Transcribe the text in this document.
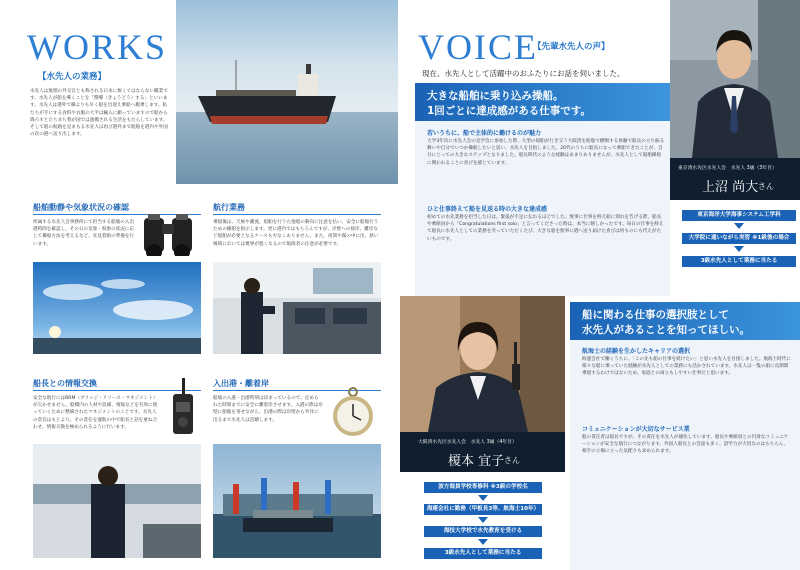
WORKS
【水先人の業務】
水先人は無理の外交官とも称される日本に無くてはならない職業です。水先人が船を導くことを「嚮導（きょうどう）する」といいます。水先人は港外で操よりも早く船を出迎え乗船へ搬乗します。私たちが手にする食料や衣服の大半は輸入に頼っていますので船から降ろすとたちまち我が国では運搬される生活をもたらしています。そして船の航路を見まもる水先人は再び港外まで船舶を港内や外国の次の港へ送り出します。
船舶動静や気象状況の確認
所属する水先人会事務所にて担当する船舶の入出港時間を確認し、その日の気象・海象の状況に応じて操船方法を考えるなど、先見着眼の準備を行います。
航行業務
乗船後は、天候や潮流、船舶を行うた他船の動向に注意を払い、安全に船舶行うための操船を指示します。更に港内ではもちろんですが、岸壁への接岸、離岸など船舶が必要となるケースも少なくありません。また、夜間や霧の中に出、狭い場域においては視界が悪くなるので航海者の注意が必要です。
船長との情報交換
安全な航行にはBRM（ブリッジ・リソース・マネジメント）が欠かせません。船橋内の人材や設備、情報などを有効に使っていくために整備されたマネジメントのことです。水先人の責任はもとより、その責任を運航の中で船長と話を重ね合わせ、情報交換を極められるように行います。
入出港・離着岸
船舶の入港・出港時刻は決まっているので、定められた時間までに安全に離着岸させます。入港の際は岸壁に船舶を寄せながら、出港の際は岸壁から外洋に出るまで水先人は活躍します。
VOICE
【先輩水先人の声】
現在、水先人として活躍中のおふたりにお話を伺いました。
大きな船舶に乗り込み操船。
1回ごとに達成感がある仕事です。
若いうちに、船で主体的に働けるのが魅力
大学3年次に水先人会の見学会に参加した際、大型の船舶が行き交う大阪湾を船舶で横断する体験で船長の立ち振る舞いや自分でいつか操船したいと思い、水先人を目指しました。20代のうちに船長になって乗船できたことが、自分にとっての大きなステップとなりました。船長時代のような経験はあまりありませんが、水先人として船舶操船に関われることに喜びを感じています。
ひと仕事終えて船を見送る時の大きな達成感
初めての水先業務を担当した日は、緊張が手足に伝わるほどでした。無事に仕事を終え船に別れを告げる際、船長や乗組員から「Congratulations first solo」と言ってくださった時は、本当に嬉しかったです。毎日の仕事を終えて船長に水先人としての業務を労っていただくたび、大きな船を無事に港へ送り届けた喜びは何ものにも代えがたいものです。
東京湾水先区水先人会　水先人 3級（3年目）
上沼 尚大 さん
東京海洋大学海事システム工学科
大学院に通いながら実習 ※1級後の場合
3級水先人として業務に当たる
大阪湾水先区水先人会　水先人 3級（4年目）
榎本 宜子 さん
波方海員学校専修科 ※3級の学校名
海運会社に勤務（甲板長3等、航海士10年）
海技大学校で水先教育を受ける
3級水先人として業務に当たる
船に関わる仕事の選択肢として
水先人があることを知ってほしい。
航海士の経験を生かしたキャリアの選択
海運会社で働くうちに、「この先も船の仕事を続けたい」と思い水先人を目指しました。航海士時代に様々な船に乗っていた経験が水先人としての業務にも活かされています。水先人は一隻の船に長期間乗船するわけではないため、家庭との両立もしやすい仕事だと思います。
コミュニケーションが大切なサービス業
船の責任者は船長ですが、その責任を水先人が補佐しています。船長や乗組員との円滑なコミュニケーションが安全な航行につながります。外国人船長との会話も多く、語学力が大切なのはもちろん、相手の立場に立った気配りも求められます。
